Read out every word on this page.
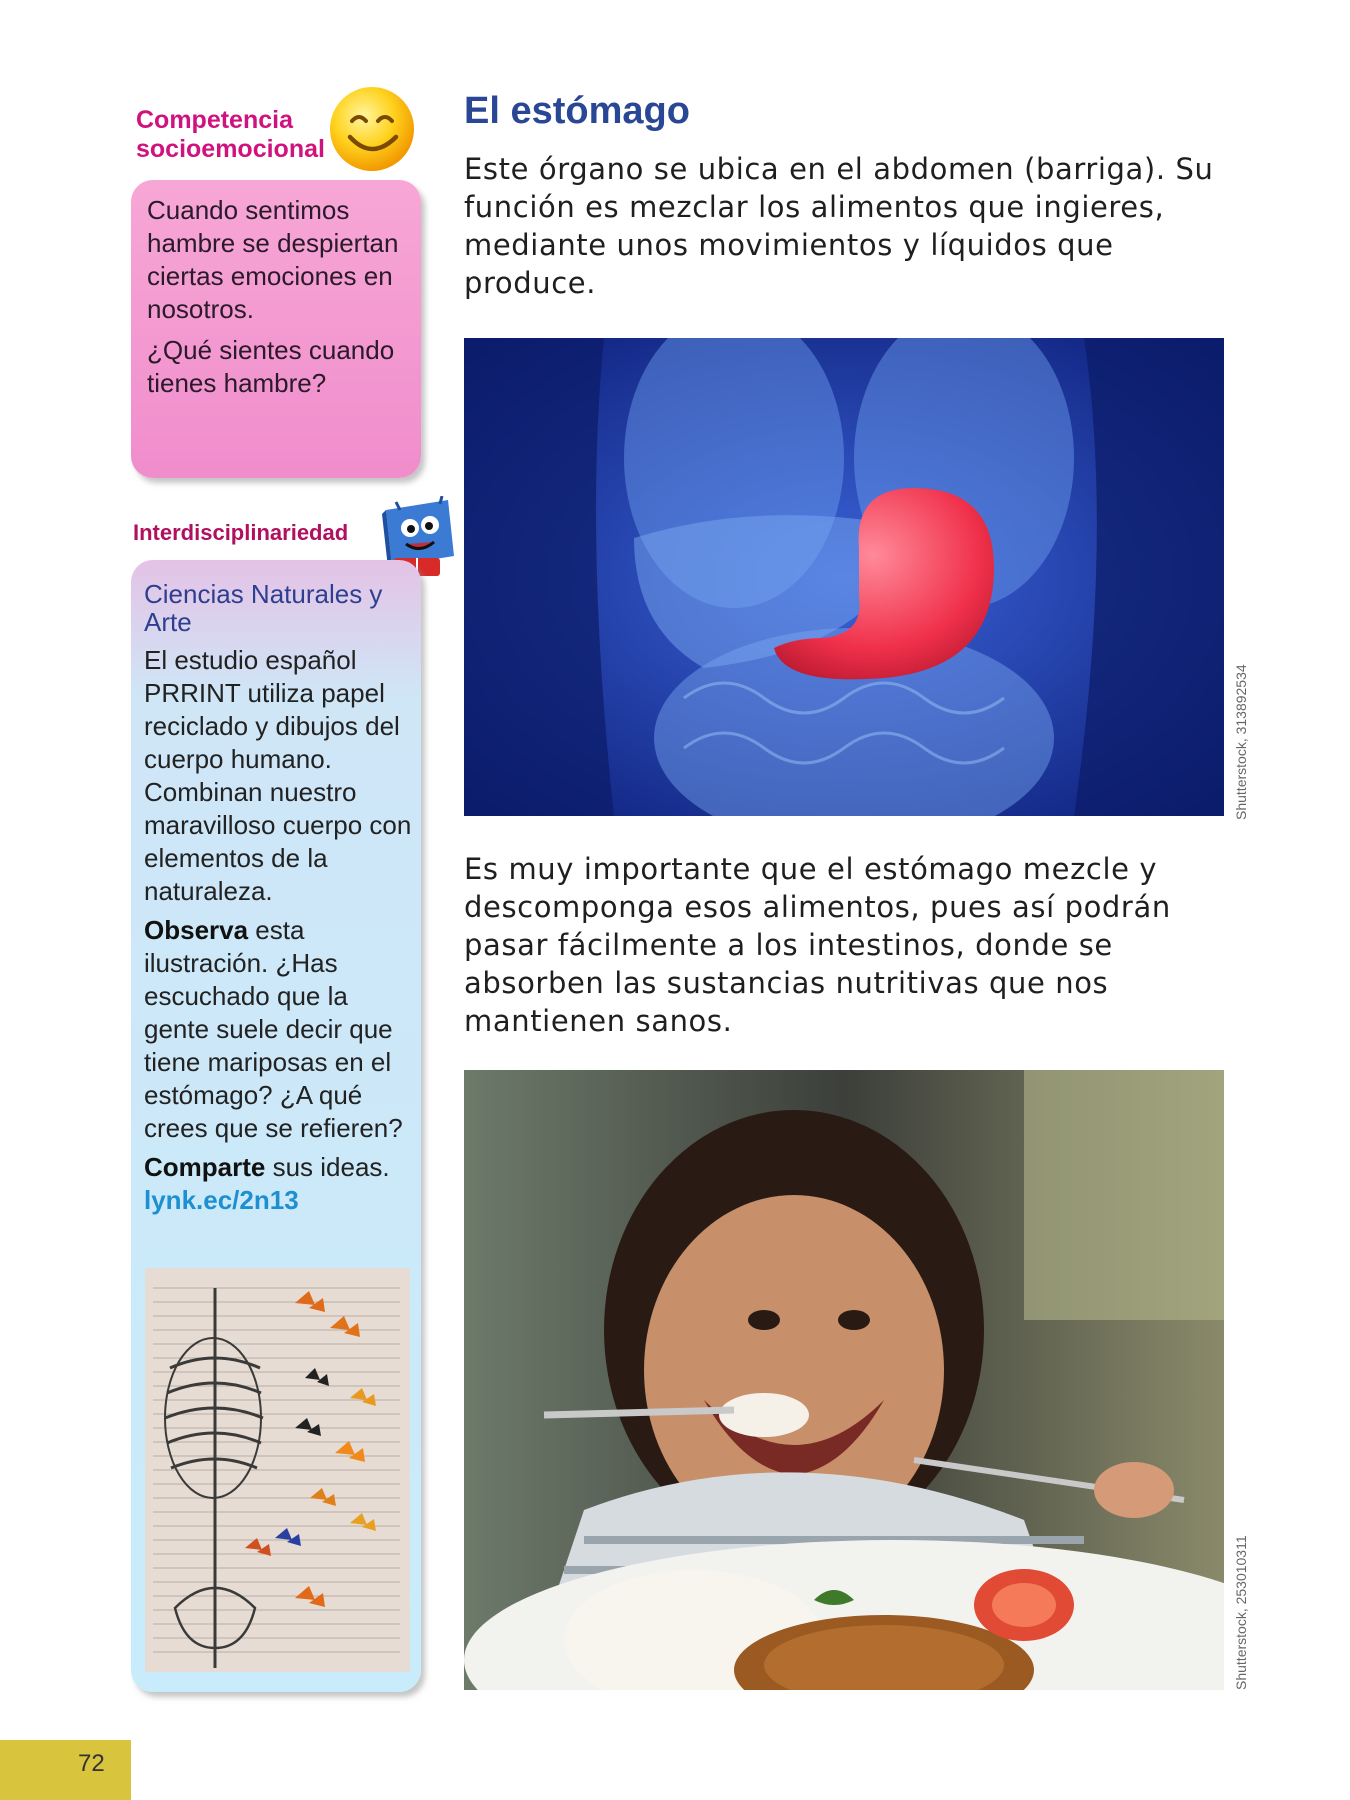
Competencia socioemocional

Cuando sentimos hambre se despiertan ciertas emociones en nosotros.

¿Qué sientes cuando tienes hambre?

Interdisciplinariedad
Ciencias Naturales y Arte

El estudio español PRRINT utiliza papel reciclado y dibujos del cuerpo humano. Combinan nuestro maravilloso cuerpo con elementos de la naturaleza.

Observa esta ilustración. ¿Has escuchado que la gente suele decir que tiene mariposas en el estómago? ¿A qué crees que se refieren?

Comparte sus ideas.
lynk.ec/2n13

El estómago

Este órgano se ubica en el abdomen (barriga). Su función es mezclar los alimentos que ingieres, mediante unos movimientos y líquidos que produce.

Shutterstock, 313892534

Es muy importante que el estómago mezcle y descomponga esos alimentos, pues así podrán pasar fácilmente a los intestinos, donde se absorben las sustancias nutritivas que nos mantienen sanos.

Shutterstock, 253010311
72
